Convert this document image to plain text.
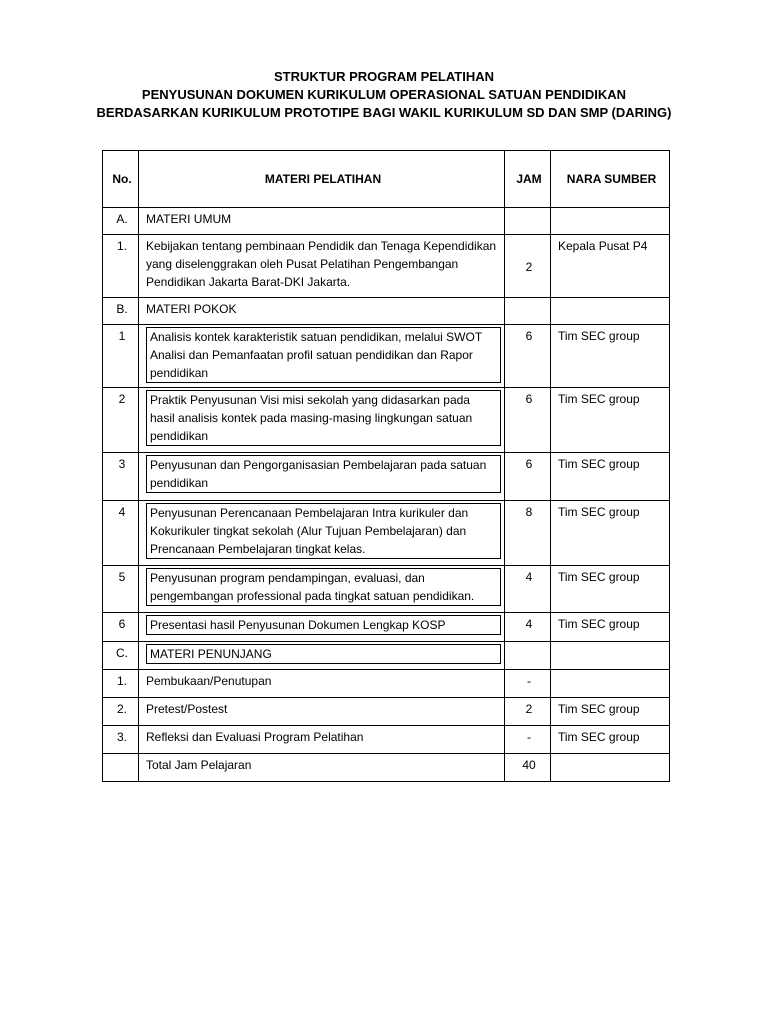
STRUKTUR PROGRAM PELATIHAN
PENYUSUNAN DOKUMEN KURIKULUM OPERASIONAL SATUAN PENDIDIKAN
BERDASARKAN KURIKULUM PROTOTIPE BAGI WAKIL KURIKULUM SD DAN SMP (DARING)
No.	MATERI PELATIHAN	JAM	NARA SUMBER
A.	MATERI UMUM		
1.	Kebijakan tentang pembinaan Pendidik dan Tenaga Kependidikan yang diselenggrakan oleh Pusat Pelatihan Pengembangan Pendidikan Jakarta Barat-DKI Jakarta.	2	Kepala Pusat P4
B.	MATERI POKOK		
1	Analisis kontek karakteristik satuan pendidikan, melalui SWOT Analisi dan Pemanfaatan profil satuan pendidikan dan Rapor pendidikan	6	Tim SEC group
2	Praktik Penyusunan Visi misi sekolah yang didasarkan pada hasil analisis kontek pada masing-masing lingkungan satuan pendidikan	6	Tim SEC group
3	Penyusunan dan Pengorganisasian Pembelajaran pada satuan pendidikan	6	Tim SEC group
4	Penyusunan Perencanaan Pembelajaran Intra kurikuler dan Kokurikuler tingkat sekolah (Alur Tujuan Pembelajaran) dan Prencanaan Pembelajaran tingkat kelas.	8	Tim SEC group
5	Penyusunan program pendampingan, evaluasi, dan pengembangan professional pada tingkat satuan pendidikan.	4	Tim SEC group
6	Presentasi hasil Penyusunan Dokumen Lengkap KOSP	4	Tim SEC group
C.	MATERI PENUNJANG		

1.	Pembukaan/Penutupan	-	
2.	Pretest/Postest	2	Tim SEC group
3.	Refleksi dan Evaluasi Program Pelatihan	-	Tim SEC group
	Total Jam Pelajaran	40	
